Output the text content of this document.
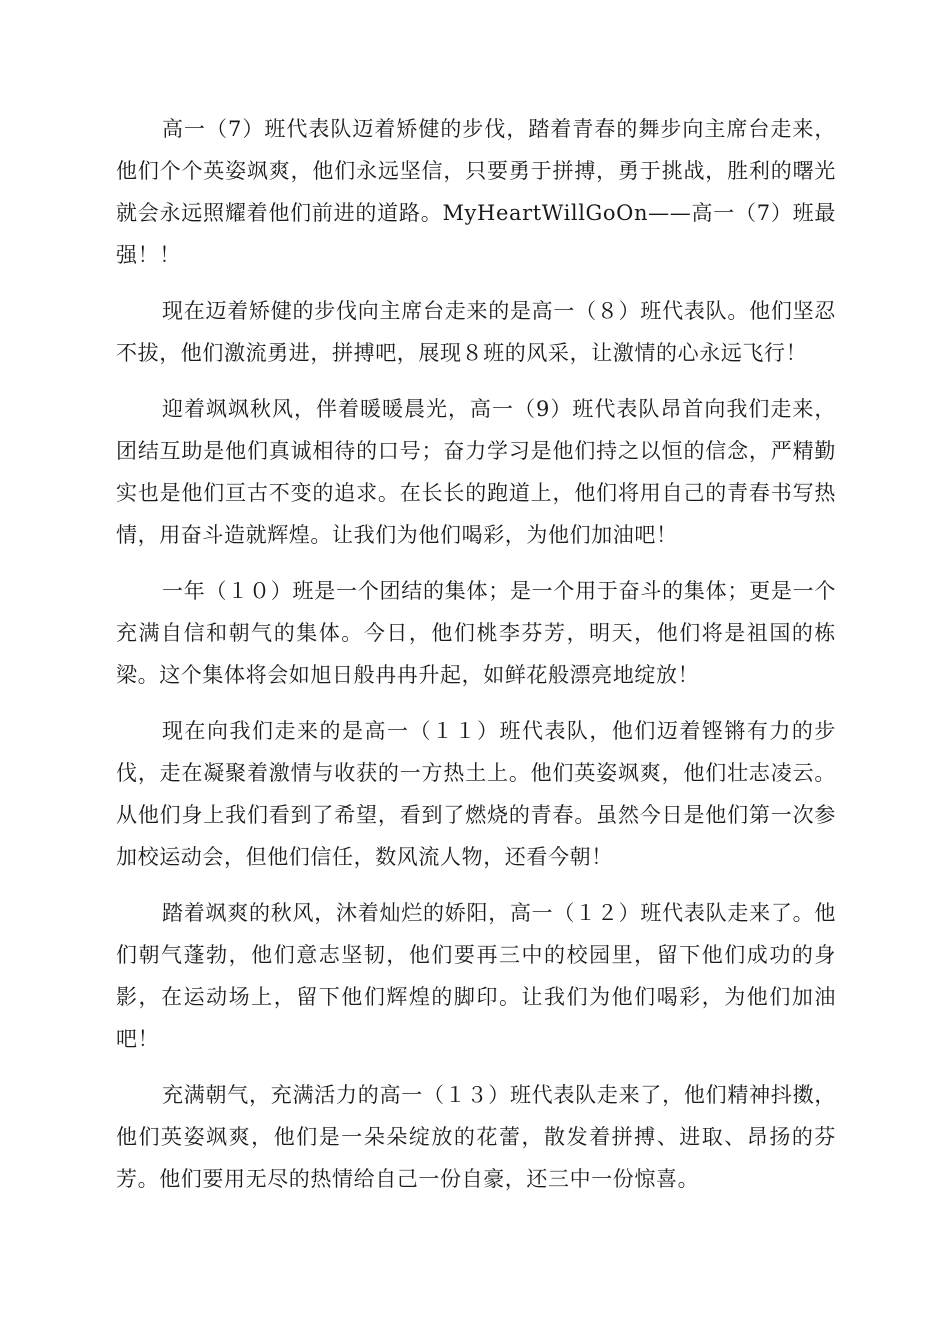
高一（7）班代表队迈着矫健的步伐，踏着青春的舞步向主席台走来，他们个个英姿飒爽，他们永远坚信，只要勇于拼搏，勇于挑战，胜利的曙光就会永远照耀着他们前进的道路。MyHeartWillGoOn——高一（7）班最强！！

现在迈着矫健的步伐向主席台走来的是高一（８）班代表队。他们坚忍不拔，他们激流勇进，拼搏吧，展现８班的风采，让激情的心永远飞行！

迎着飒飒秋风，伴着暖暖晨光，高一（9）班代表队昂首向我们走来，团结互助是他们真诚相待的口号；奋力学习是他们持之以恒的信念，严精勤实也是他们亘古不变的追求。在长长的跑道上，他们将用自己的青春书写热情，用奋斗造就辉煌。让我们为他们喝彩，为他们加油吧！

一年（１０）班是一个团结的集体；是一个用于奋斗的集体；更是一个充满自信和朝气的集体。今日，他们桃李芬芳，明天，他们将是祖国的栋梁。这个集体将会如旭日般冉冉升起，如鲜花般漂亮地绽放！

现在向我们走来的是高一（１１）班代表队，他们迈着铿锵有力的步伐，走在凝聚着激情与收获的一方热土上。他们英姿飒爽，他们壮志凌云。从他们身上我们看到了希望，看到了燃烧的青春。虽然今日是他们第一次参加校运动会，但他们信任，数风流人物，还看今朝！

踏着飒爽的秋风，沐着灿烂的娇阳，高一（１２）班代表队走来了。他们朝气蓬勃，他们意志坚韧，他们要再三中的校园里，留下他们成功的身影，在运动场上，留下他们辉煌的脚印。让我们为他们喝彩，为他们加油吧！

充满朝气，充满活力的高一（１３）班代表队走来了，他们精神抖擞，他们英姿飒爽，他们是一朵朵绽放的花蕾，散发着拼搏、进取、昂扬的芬芳。他们要用无尽的热情给自己一份自豪，还三中一份惊喜。
